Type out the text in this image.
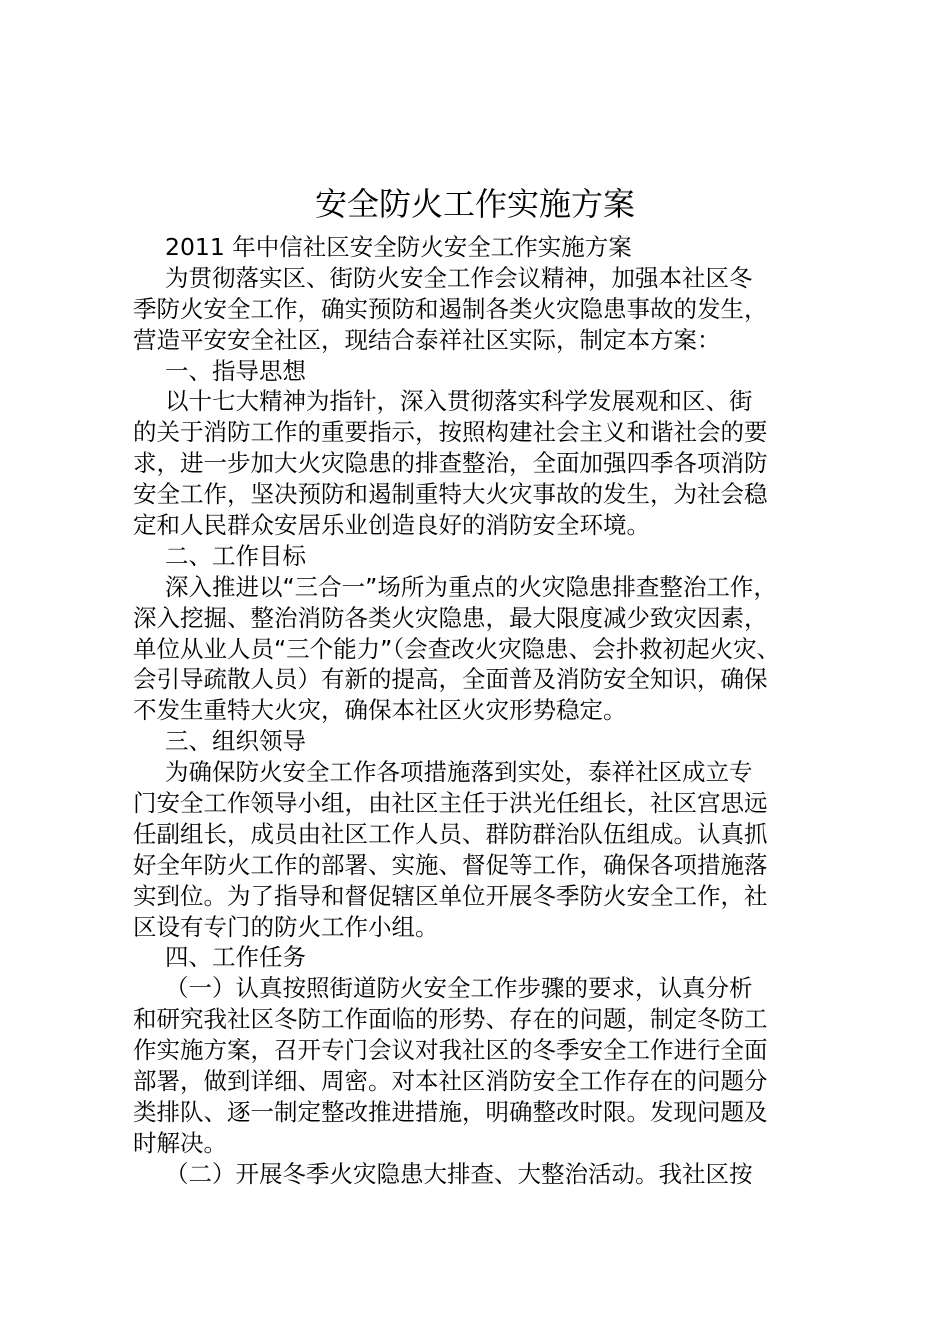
安全防火工作实施方案
2011 年中信社区安全防火安全工作实施方案
为贯彻落实区、街防火安全工作会议精神，加强本社区冬
季防火安全工作，确实预防和遏制各类火灾隐患事故的发生，
营造平安安全社区，现结合泰祥社区实际，制定本方案：
一、指导思想
以十七大精神为指针，深入贯彻落实科学发展观和区、街
的关于消防工作的重要指示，按照构建社会主义和谐社会的要
求，进一步加大火灾隐患的排查整治，全面加强四季各项消防
安全工作，坚决预防和遏制重特大火灾事故的发生，为社会稳
定和人民群众安居乐业创造良好的消防安全环境。
二、工作目标
深入推进以“三合一”场所为重点的火灾隐患排查整治工作，
深入挖掘、整治消防各类火灾隐患，最大限度减少致灾因素，
单位从业人员“三个能力”（会查改火灾隐患、会扑救初起火灾、
会引导疏散人员）有新的提高，全面普及消防安全知识，确保
不发生重特大火灾，确保本社区火灾形势稳定。
三、组织领导
为确保防火安全工作各项措施落到实处，泰祥社区成立专
门安全工作领导小组，由社区主任于洪光任组长，社区宫思远
任副组长，成员由社区工作人员、群防群治队伍组成。认真抓
好全年防火工作的部署、实施、督促等工作，确保各项措施落
实到位。为了指导和督促辖区单位开展冬季防火安全工作，社
区设有专门的防火工作小组。
四、工作任务
（一）认真按照街道防火安全工作步骤的要求，认真分析
和研究我社区冬防工作面临的形势、存在的问题，制定冬防工
作实施方案，召开专门会议对我社区的冬季安全工作进行全面
部署，做到详细、周密。对本社区消防安全工作存在的问题分
类排队、逐一制定整改推进措施，明确整改时限。发现问题及
时解决。
（二）开展冬季火灾隐患大排查、大整治活动。我社区按
